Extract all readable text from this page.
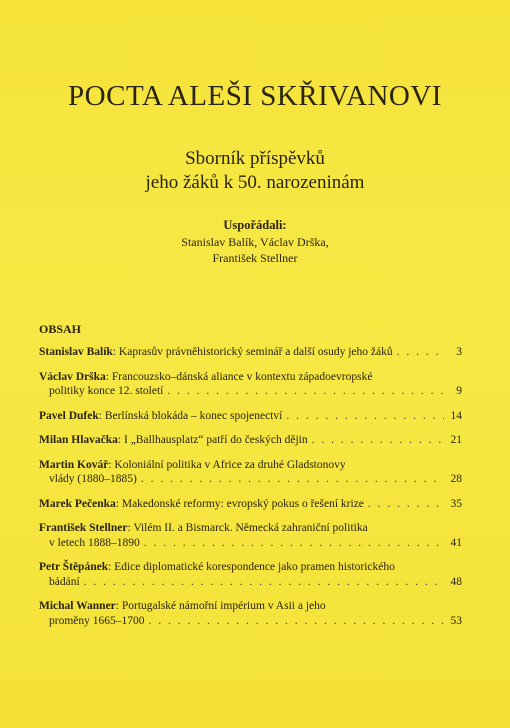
POCTA ALEŠI SKŘIVANOVI
Sborník příspěvků
jeho žáků k 50. narozeninám
Uspořádali:
Stanislav Balík, Václav Drška,
František Stellner
OBSAH
Stanislav Balík: Kaprasův právněhistorický seminář a další osudy jeho žáků . . .	3
Václav Drška: Francouzsko–dánská aliance v kontextu západoevropské
politiky konce 12. století . . .	9
Pavel Dufek: Berlínská blokáda – konec spojenectví . . .	14
Milan Hlavačka: I „Ballhausplatz“ patří do českých dějin . . .	21
Martin Kovář: Koloniální politika v Africe za druhé Gladstonovy
vlády (1880–1885) . . .	28
Marek Pečenka: Makedonské reformy: evropský pokus o řešení krize . . .	35
František Stellner: Vilém II. a Bismarck. Německá zahraniční politika
v letech 1888–1890 . . .	41
Petr Štěpánek: Edice diplomatické korespondence jako pramen historického
bádání . . .	48
Michal Wanner: Portugalské námořní impérium v Asii a jeho
proměny 1665–1700 . . .	53
